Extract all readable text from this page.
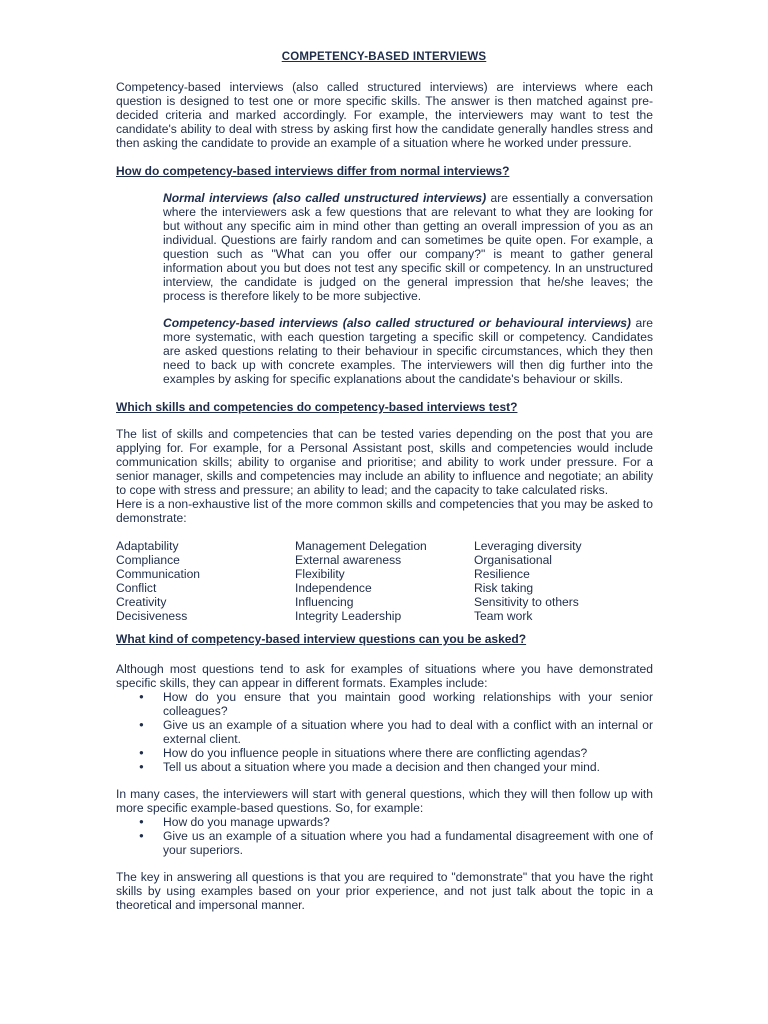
COMPETENCY-BASED INTERVIEWS

Competency-based interviews (also called structured interviews) are interviews where each question is designed to test one or more specific skills. The answer is then matched against pre-decided criteria and marked accordingly. For example, the interviewers may want to test the candidate's ability to deal with stress by asking first how the candidate generally handles stress and then asking the candidate to provide an example of a situation where he worked under pressure.

How do competency-based interviews differ from normal interviews?

Normal interviews (also called unstructured interviews) are essentially a conversation where the interviewers ask a few questions that are relevant to what they are looking for but without any specific aim in mind other than getting an overall impression of you as an individual. Questions are fairly random and can sometimes be quite open. For example, a question such as "What can you offer our company?" is meant to gather general information about you but does not test any specific skill or competency. In an unstructured interview, the candidate is judged on the general impression that he/she leaves; the process is therefore likely to be more subjective.

Competency-based interviews (also called structured or behavioural interviews) are more systematic, with each question targeting a specific skill or competency. Candidates are asked questions relating to their behaviour in specific circumstances, which they then need to back up with concrete examples. The interviewers will then dig further into the examples by asking for specific explanations about the candidate's behaviour or skills.

Which skills and competencies do competency-based interviews test?

The list of skills and competencies that can be tested varies depending on the post that you are applying for. For example, for a Personal Assistant post, skills and competencies would include communication skills; ability to organise and prioritise; and ability to work under pressure. For a senior manager, skills and competencies may include an ability to influence and negotiate; an ability to cope with stress and pressure; an ability to lead; and the capacity to take calculated risks.

Here is a non-exhaustive list of the more common skills and competencies that you may be asked to demonstrate:

Adaptability
Compliance
Communication
Conflict
Creativity
Decisiveness
Management Delegation
External awareness
Flexibility
Independence
Influencing
Integrity Leadership
Leveraging diversity
Organisational
Resilience
Risk taking
Sensitivity to others
Team work
What kind of competency-based interview questions can you be asked?

Although most questions tend to ask for examples of situations where you have demonstrated specific skills, they can appear in different formats. Examples include:

● How do you ensure that you maintain good working relationships with your senior colleagues?
● Give us an example of a situation where you had to deal with a conflict with an internal or external client.
● How do you influence people in situations where there are conflicting agendas?
● Tell us about a situation where you made a decision and then changed your mind.

In many cases, the interviewers will start with general questions, which they will then follow up with more specific example-based questions. So, for example:

● How do you manage upwards?
● Give us an example of a situation where you had a fundamental disagreement with one of your superiors.

The key in answering all questions is that you are required to "demonstrate" that you have the right skills by using examples based on your prior experience, and not just talk about the topic in a theoretical and impersonal manner.
